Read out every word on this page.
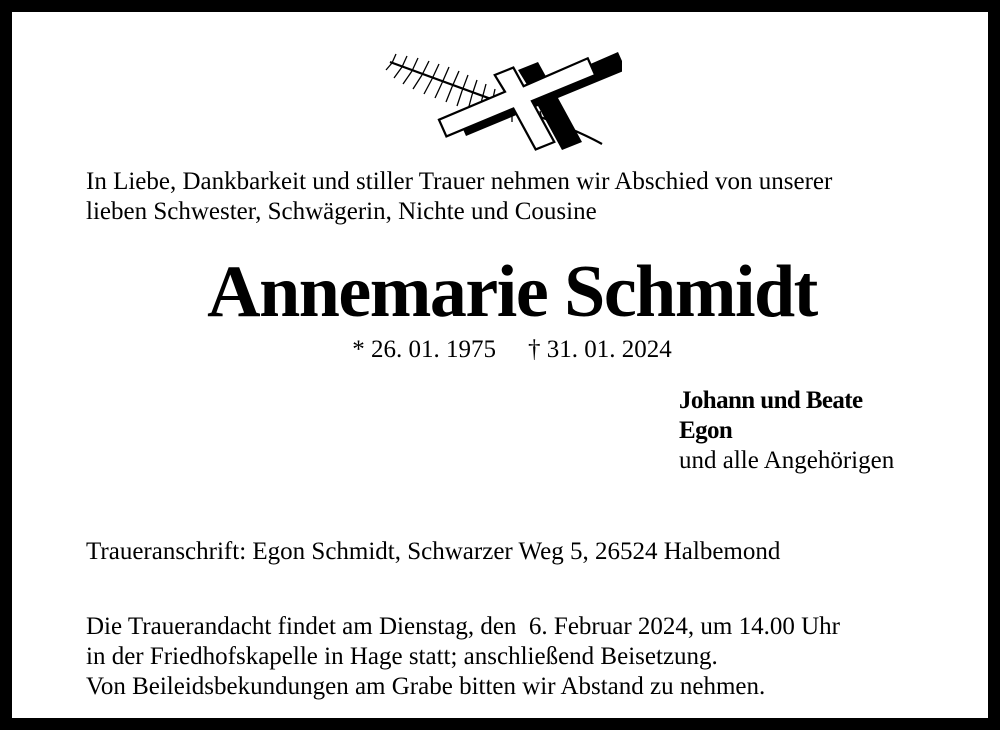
In Liebe, Dankbarkeit und stiller Trauer nehmen wir Abschied von unserer
lieben Schwester, Schwägerin, Nichte und Cousine

Annemarie Schmidt
* 26. 01. 1975 † 31. 01. 2024
Johann und Beate
Egon
und alle Angehörigen
Traueranschrift: Egon Schmidt, Schwarzer Weg 5, 26524 Halbemond
Die Trauerandacht findet am Dienstag, den  6. Februar 2024, um 14.00 Uhr
in der Friedhofskapelle in Hage statt; anschließend Beisetzung.
Von Beileidsbekundungen am Grabe bitten wir Abstand zu nehmen.
